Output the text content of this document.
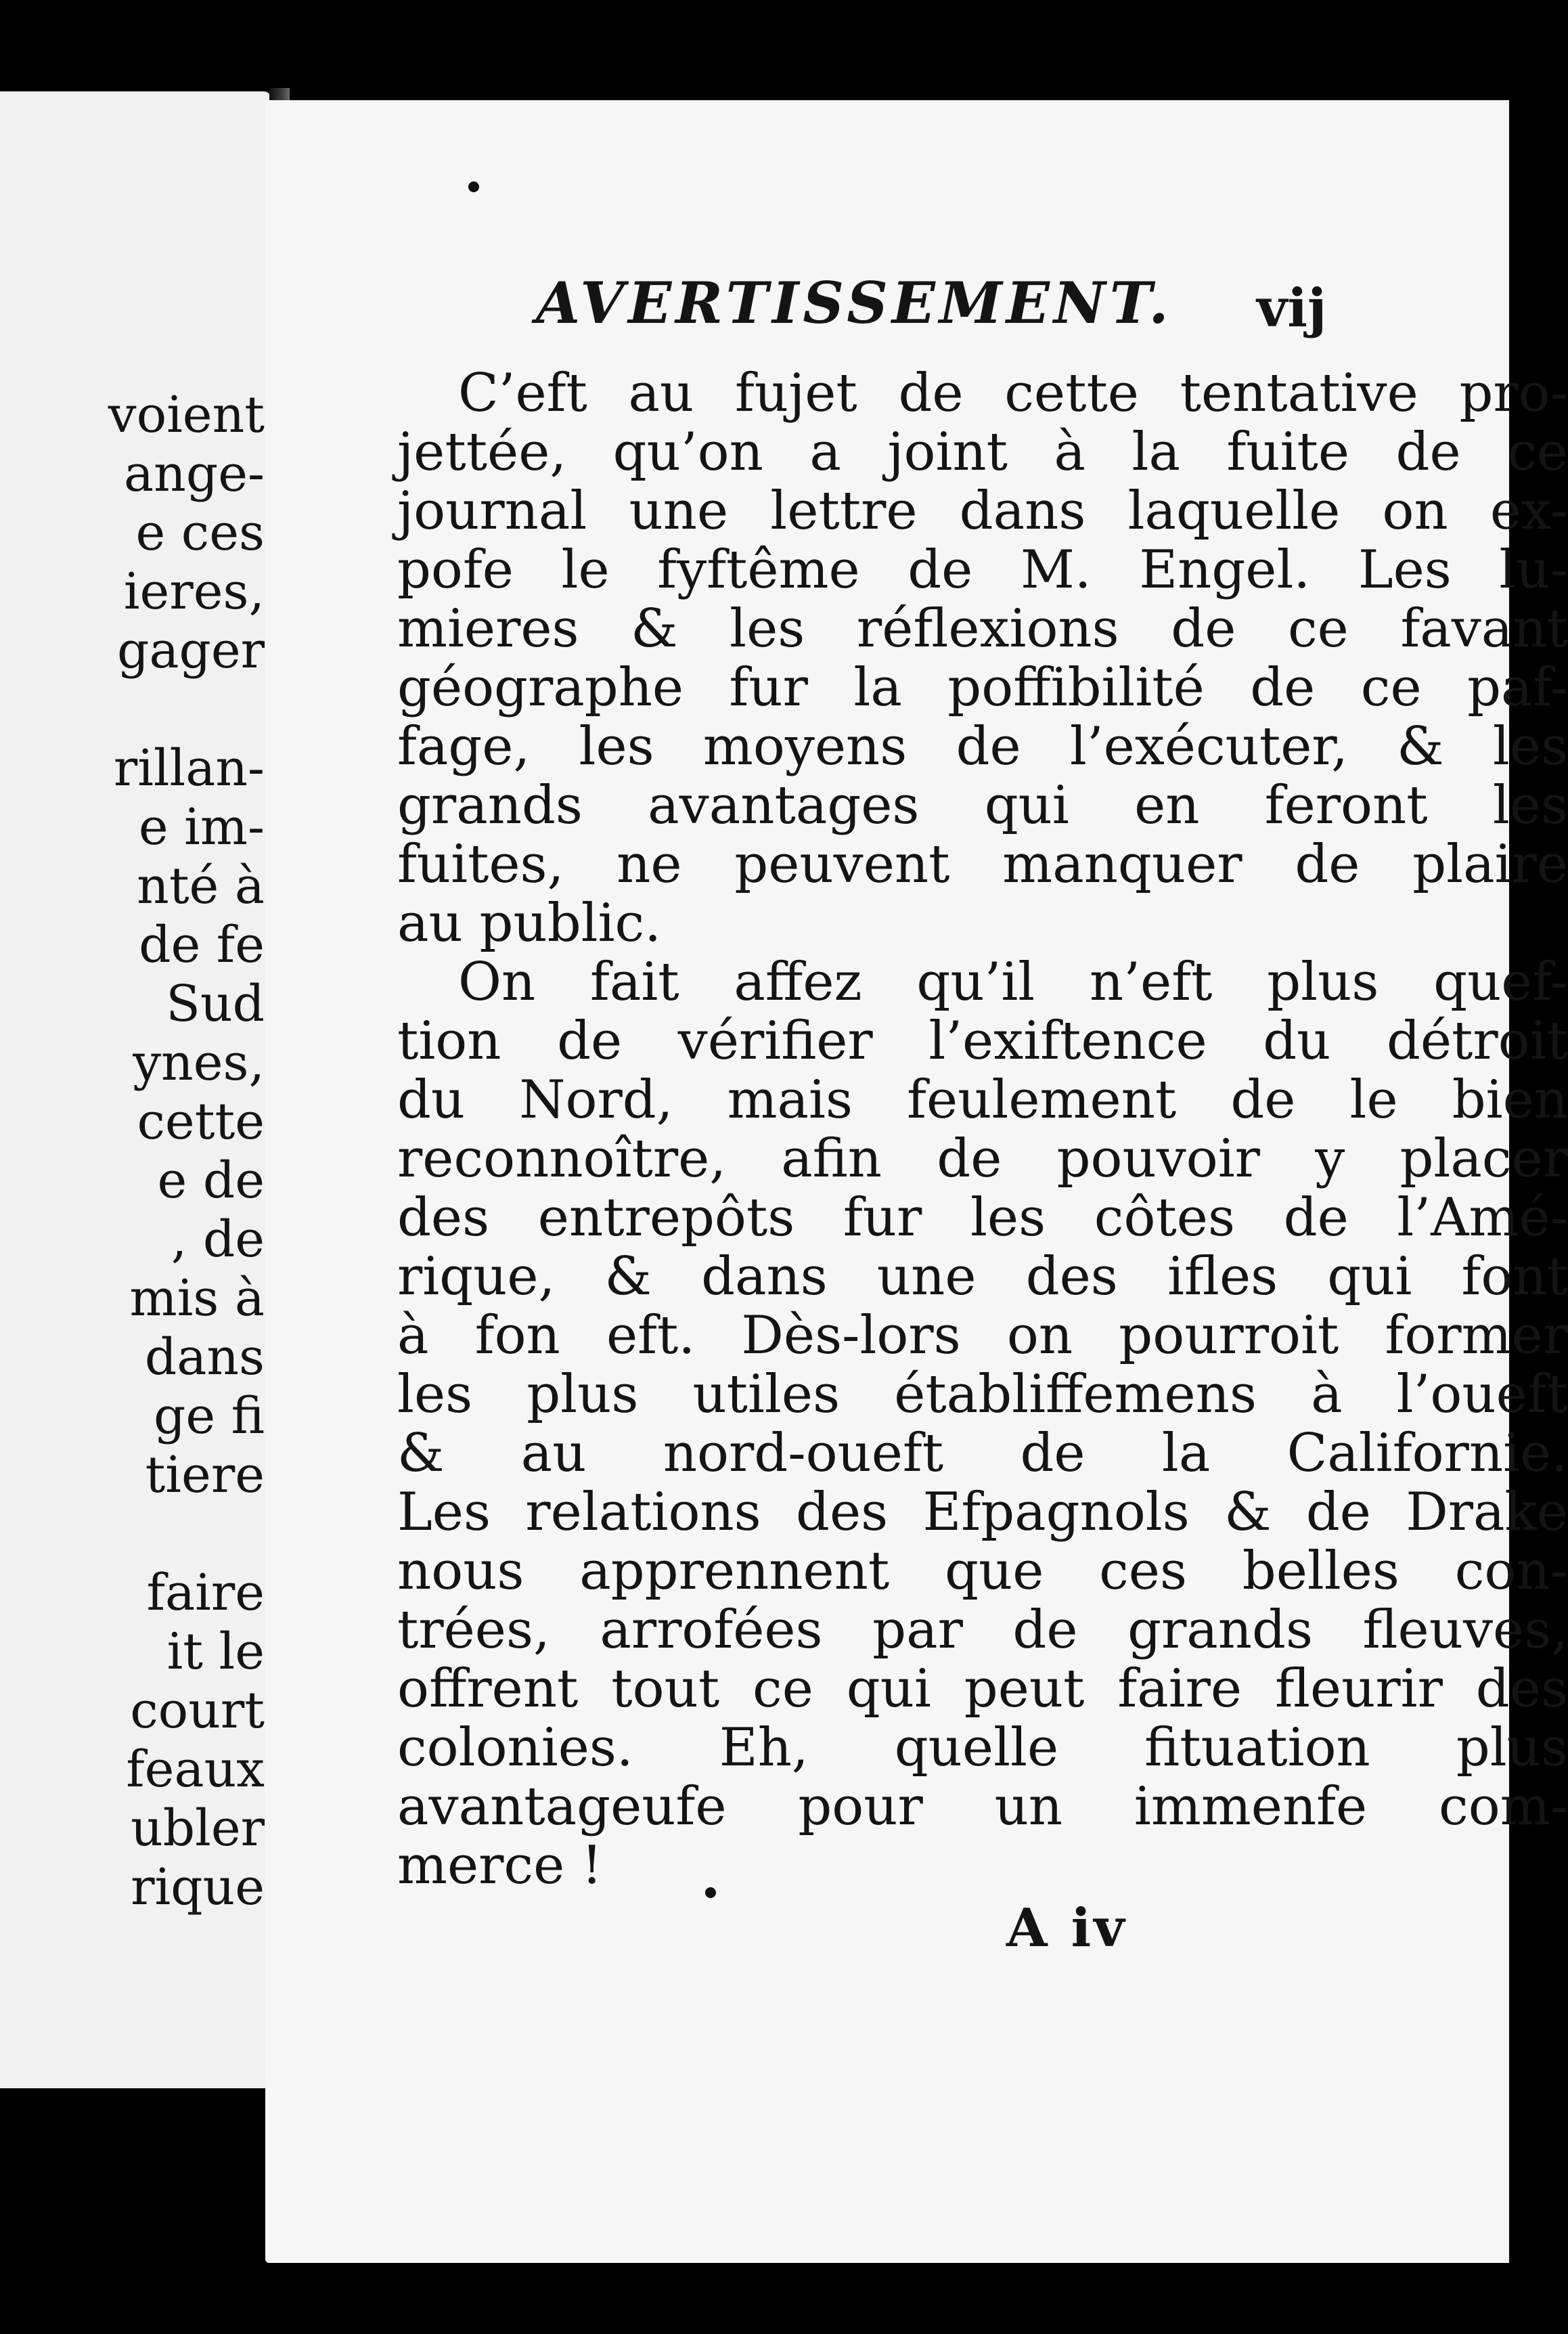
voient
ange-
e ces
ieres,
gager
rillan-
e im-
nté à
de fe
Sud
ynes,
cette
e de
, de
mis à
dans
ge fi
tiere
faire
it le
court
feaux
ubler
rique
AVERTISSEMENT. vij
C’eft au fujet de cette tentative pro-
jettée, qu’on a joint à la fuite de ce
journal une lettre dans laquelle on ex-
pofe le fyftême de M. Engel. Les lu-
mieres & les réflexions de ce favant
géographe fur la poffibilité de ce paf-
fage, les moyens de l’exécuter, & les
grands avantages qui en feront les
fuites, ne peuvent manquer de plaire
au public.
On fait affez qu’il n’eft plus quef-
tion de vérifier l’exiftence du détroit
du Nord, mais feulement de le bien
reconnoître, afin de pouvoir y placer
des entrepôts fur les côtes de l’Amé-
rique, & dans une des ifles qui font
à fon eft. Dès-lors on pourroit former
les plus utiles établiffemens à l’oueft
& au nord-oueft de la Californie.
Les relations des Efpagnols & de Drake
nous apprennent que ces belles con-
trées, arrofées par de grands fleuves,
offrent tout ce qui peut faire fleurir des
colonies. Eh, quelle fituation plus
avantageufe pour un immenfe com-
merce !
A iv
